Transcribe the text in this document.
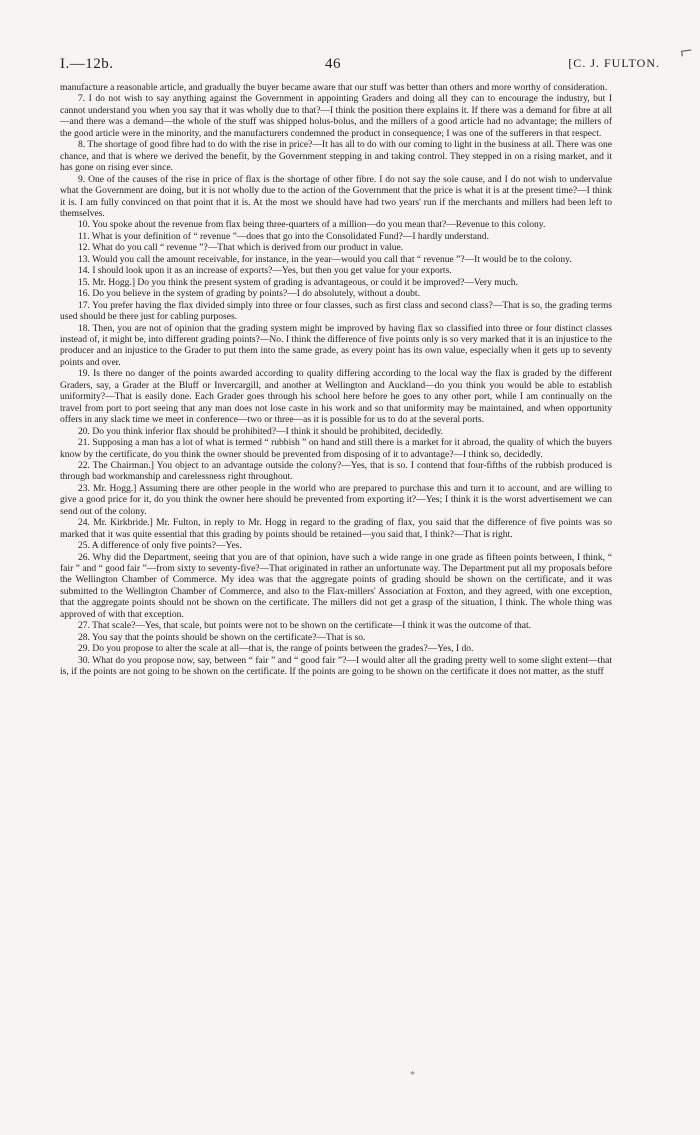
⌐
I.—12b.	46	[C. J. FULTON.

manufacture a reasonable article, and gradually the buyer became aware that our stuff was better than others and more worthy of consideration.

7. I do not wish to say anything against the Government in appointing Graders and doing all they can to encourage the industry, but I cannot understand you when you say that it was wholly due to that?—I think the position there explains it. If there was a demand for fibre at all—and there was a demand—the whole of the stuff was shipped holus-bolus, and the millers of a good article had no advantage; the millers of the good article were in the minority, and the manufacturers condemned the product in consequence; I was one of the sufferers in that respect.

8. The shortage of good fibre had to do with the rise in price?—It has all to do with our coming to light in the business at all. There was one chance, and that is where we derived the benefit, by the Government stepping in and taking control. They stepped in on a rising market, and it has gone on rising ever since.

9. One of the causes of the rise in price of flax is the shortage of other fibre. I do not say the sole cause, and I do not wish to undervalue what the Government are doing, but it is not wholly due to the action of the Government that the price is what it is at the present time?—I think it is. I am fully convinced on that point that it is. At the most we should have had two years' run if the merchants and millers had been left to themselves.

10. You spoke about the revenue from flax being three-quarters of a million—do you mean that?—Revenue to this colony.

11. What is your definition of “ revenue ”—does that go into the Consolidated Fund?—I hardly understand.

12. What do you call “ revenue ”?—That which is derived from our product in value.

13. Would you call the amount receivable, for instance, in the year—would you call that “ revenue ”?—It would be to the colony.

14. I should look upon it as an increase of exports?—Yes, but then you get value for your exports.

15. Mr. Hogg.] Do you think the present system of grading is advantageous, or could it be improved?—Very much.

16. Do you believe in the system of grading by points?—I do absolutely, without a doubt.

17. You prefer having the flax divided simply into three or four classes, such as first class and second class?—That is so, the grading terms used should be there just for cabling purposes.

18. Then, you are not of opinion that the grading system might be improved by having flax so classified into three or four distinct classes instead of, it might be, into different grading points?—No. I think the difference of five points only is so very marked that it is an injustice to the producer and an injustice to the Grader to put them into the same grade, as every point has its own value, especially when it gets up to seventy points and over.

19. Is there no danger of the points awarded according to quality differing according to the local way the flax is graded by the different Graders, say, a Grader at the Bluff or Invercargill, and another at Wellington and Auckland—do you think you would be able to establish uniformity?—That is easily done. Each Grader goes through his school here before he goes to any other port, while I am continually on the travel from port to port seeing that any man does not lose caste in his work and so that uniformity may be maintained, and when opportunity offers in any slack time we meet in conference—two or three—as it is possible for us to do at the several ports.

20. Do you think inferior flax should be prohibited?—I think it should be prohibited, decidedly.

21. Supposing a man has a lot of what is termed “ rubbish ” on hand and still there is a market for it abroad, the quality of which the buyers know by the certificate, do you think the owner should be prevented from disposing of it to advantage?—I think so, decidedly.

22. The Chairman.] You object to an advantage outside the colony?—Yes, that is so. I contend that four-fifths of the rubbish produced is through bad workmanship and carelessness right throughout.

23. Mr. Hogg.] Assuming there are other people in the world who are prepared to purchase this and turn it to account, and are willing to give a good price for it, do you think the owner here should be prevented from exporting it?—Yes; I think it is the worst advertisement we can send out of the colony.

24. Mr. Kirkbride.] Mr. Fulton, in reply to Mr. Hogg in regard to the grading of flax, you said that the difference of five points was so marked that it was quite essential that this grading by points should be retained—you said that, I think?—That is right.

25. A difference of only five points?—Yes.

26. Why did the Department, seeing that you are of that opinion, have such a wide range in one grade as fifteen points between, I think, “ fair ” and “ good fair ”—from sixty to seventy-five?—That originated in rather an unfortunate way. The Department put all my proposals before the Wellington Chamber of Commerce. My idea was that the aggregate points of grading should be shown on the certificate, and it was submitted to the Wellington Chamber of Commerce, and also to the Flax-millers' Association at Foxton, and they agreed, with one exception, that the aggregate points should not be shown on the certificate. The millers did not get a grasp of the situation, I think. The whole thing was approved of with that exception.

27. That scale?—Yes, that scale, but points were not to be shown on the certificate—I think it was the outcome of that.

28. You say that the points should be shown on the certificate?—That is so.

29. Do you propose to alter the scale at all—that is, the range of points between the grades?—Yes, I do.

30. What do you propose now, say, between “ fair ” and “ good fair ”?—I would alter all the grading pretty well to some slight extent—that is, if the points are not going to be shown on the certificate. If the points are going to be shown on the certificate it does not matter, as the stuff

*
